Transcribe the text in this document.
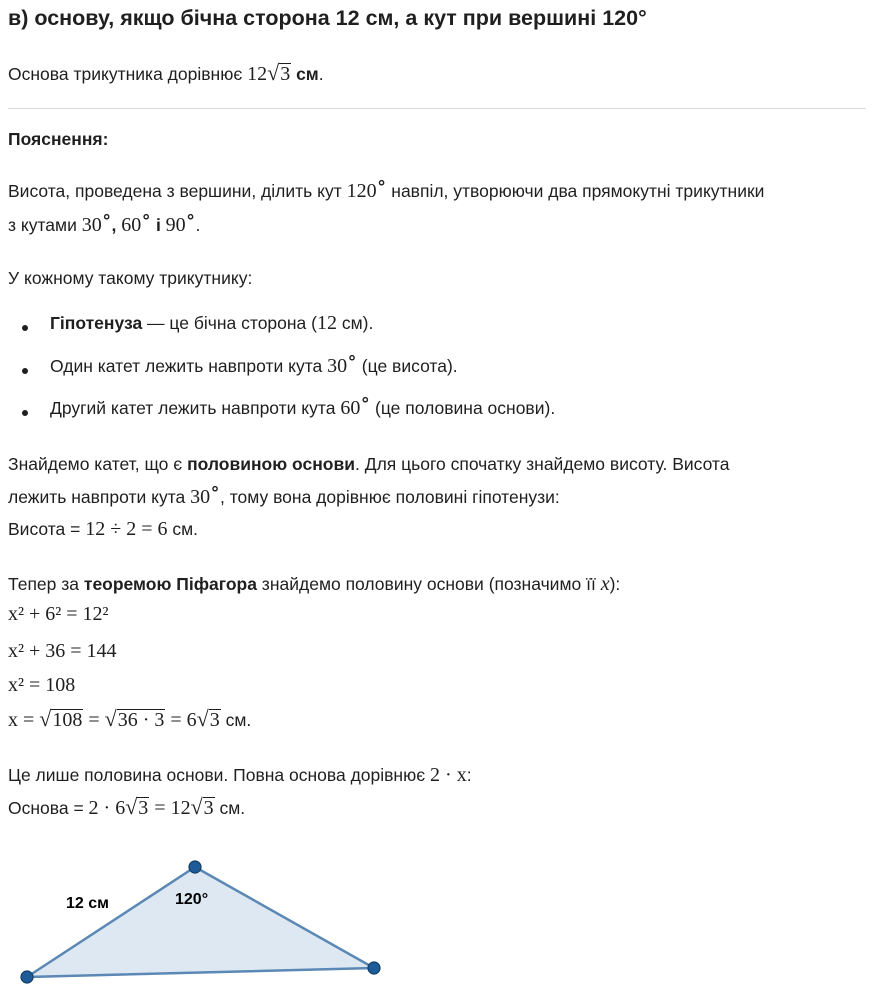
в) основу, якщо бічна сторона 12 см, а кут при вершині 120°
Основа трикутника дорівнює 12√3 см.
Пояснення:
Висота, проведена з вершини, ділить кут 120∘ навпіл, утворюючи два прямокутні трикутники
з кутами 30∘, 60∘ і 90∘.
У кожному такому трикутнику:
Гіпотенуза — це бічна сторона (12 см).
Один катет лежить навпроти кута 30∘ (це висота).
Другий катет лежить навпроти кута 60∘ (це половина основи).
Знайдемо катет, що є половиною основи. Для цього спочатку знайдемо висоту. Висота
лежить навпроти кута 30∘, тому вона дорівнює половині гіпотенузи:
Висота = 12 ÷ 2 = 6 см.
Тепер за теоремою Піфагора знайдемо половину основи (позначимо її x):
x² + 6² = 12²
x² + 36 = 144
x² = 108
x = √108 = √36 · 3 = 6√3 см.
Це лише половина основи. Повна основа дорівнює 2 · x:
Основа = 2 · 6√3 = 12√3 см.
12 см	120°
